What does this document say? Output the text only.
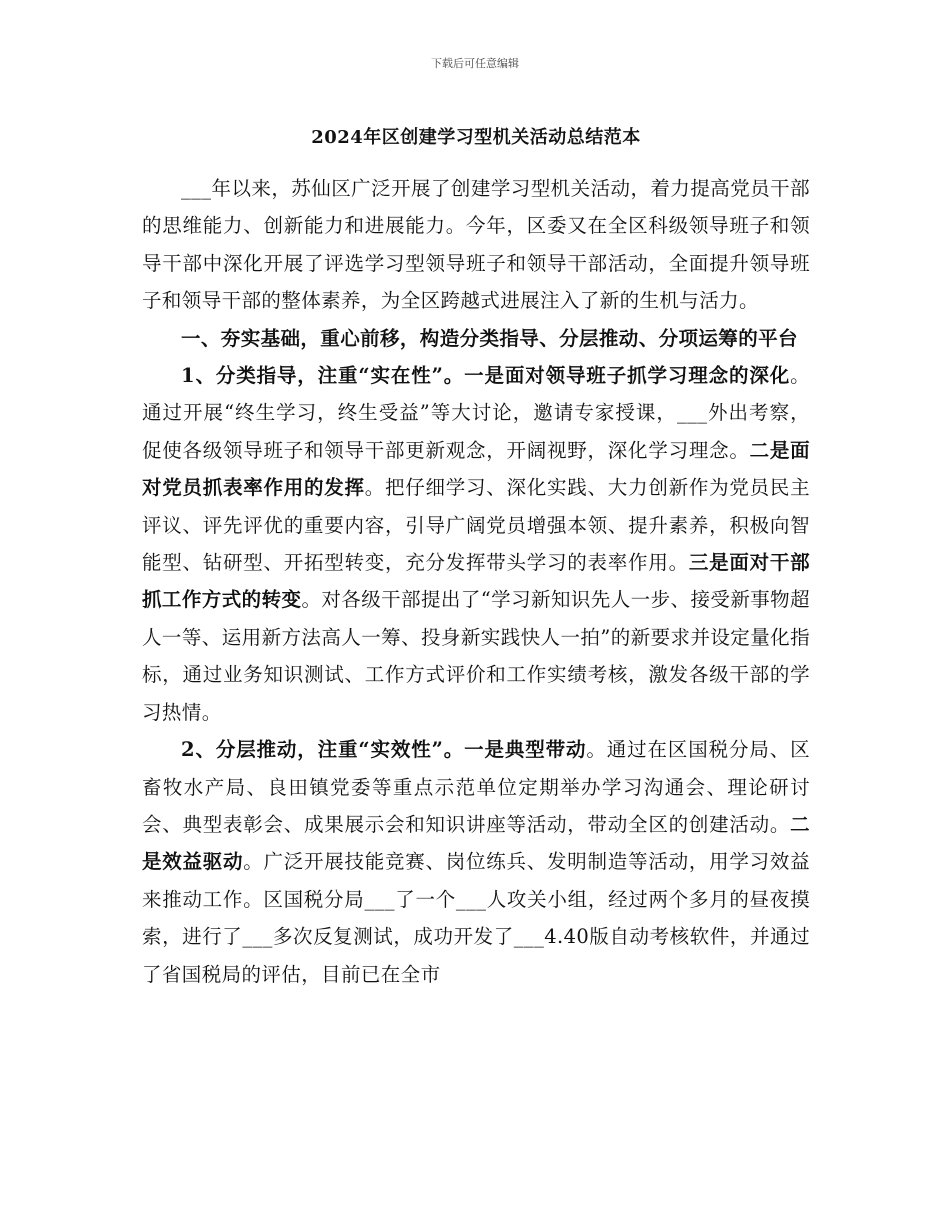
下载后可任意编辑
2024年区创建学习型机关活动总结范本

___年以来，苏仙区广泛开展了创建学习型机关活动，着力提高党员干部的思维能力、创新能力和进展能力。今年，区委又在全区科级领导班子和领导干部中深化开展了评选学习型领导班子和领导干部活动，全面提升领导班子和领导干部的整体素养，为全区跨越式进展注入了新的生机与活力。

一、夯实基础，重心前移，构造分类指导、分层推动、分项运筹的平台

1、分类指导，注重“实在性”。一是面对领导班子抓学习理念的深化。通过开展“终生学习，终生受益”等大讨论，邀请专家授课，___外出考察，促使各级领导班子和领导干部更新观念，开阔视野，深化学习理念。二是面对党员抓表率作用的发挥。把仔细学习、深化实践、大力创新作为党员民主评议、评先评优的重要内容，引导广阔党员增强本领、提升素养，积极向智能型、钻研型、开拓型转变，充分发挥带头学习的表率作用。三是面对干部抓工作方式的转变。对各级干部提出了“学习新知识先人一步、接受新事物超人一等、运用新方法高人一筹、投身新实践快人一拍”的新要求并设定量化指标，通过业务知识测试、工作方式评价和工作实绩考核，激发各级干部的学习热情。

2、分层推动，注重“实效性”。一是典型带动。通过在区国税分局、区畜牧水产局、良田镇党委等重点示范单位定期举办学习沟通会、理论研讨会、典型表彰会、成果展示会和知识讲座等活动，带动全区的创建活动。二是效益驱动。广泛开展技能竞赛、岗位练兵、发明制造等活动，用学习效益来推动工作。区国税分局___了一个___人攻关小组，经过两个多月的昼夜摸索，进行了___多次反复测试，成功开发了___4.40版自动考核软件，并通过了省国税局的评估，目前已在全市
